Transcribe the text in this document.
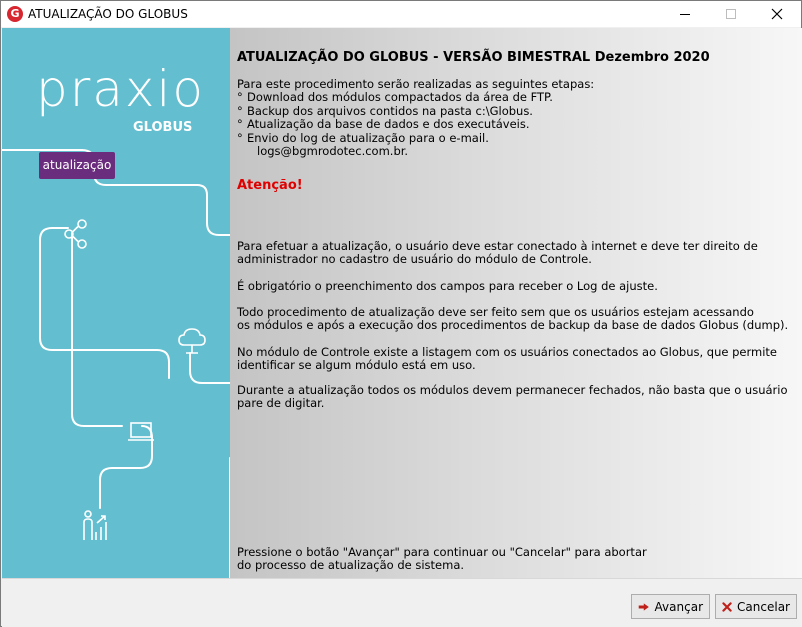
G ATUALIZAÇÃO DO GLOBUS
praxio
GLOBUS
atualização
ATUALIZAÇÃO DO GLOBUS - VERSÃO BIMESTRAL Dezembro 2020
Para este procedimento serão realizadas as seguintes etapas:
° Download dos módulos compactados da área de FTP.
° Backup dos arquivos contidos na pasta c:\Globus.
° Atualização da base de dados e dos executáveis.
° Envio do log de atualização para o e-mail.
logs@bgmrodotec.com.br.
Atenção!
Para efetuar a atualização, o usuário deve estar conectado à internet e deve ter direito de
administrador no cadastro de usuário do módulo de Controle.
É obrigatório o preenchimento dos campos para receber o Log de ajuste.
Todo procedimento de atualização deve ser feito sem que os usuários estejam acessando
os módulos e após a execução dos procedimentos de backup da base de dados Globus (dump).
No módulo de Controle existe a listagem com os usuários conectados ao Globus, que permite
identificar se algum módulo está em uso.
Durante a atualização todos os módulos devem permanecer fechados, não basta que o usuário
pare de digitar.
Pressione o botão "Avançar" para continuar ou "Cancelar" para abortar
do processo de atualização de sistema.
Avançar	Cancelar
